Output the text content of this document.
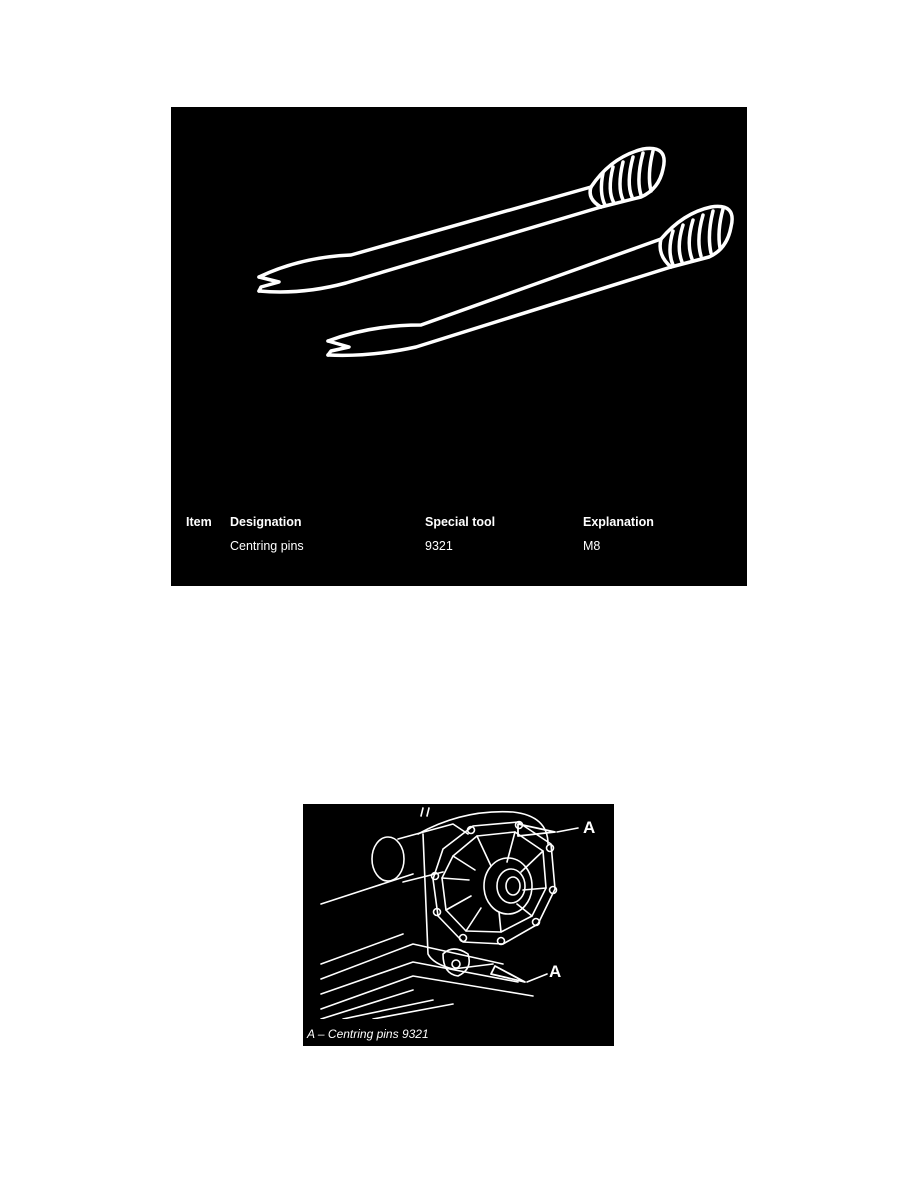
Item Designation	Special tool	Explanation
Centring pins	9321	M8
A
A
A – Centring pins 9321
